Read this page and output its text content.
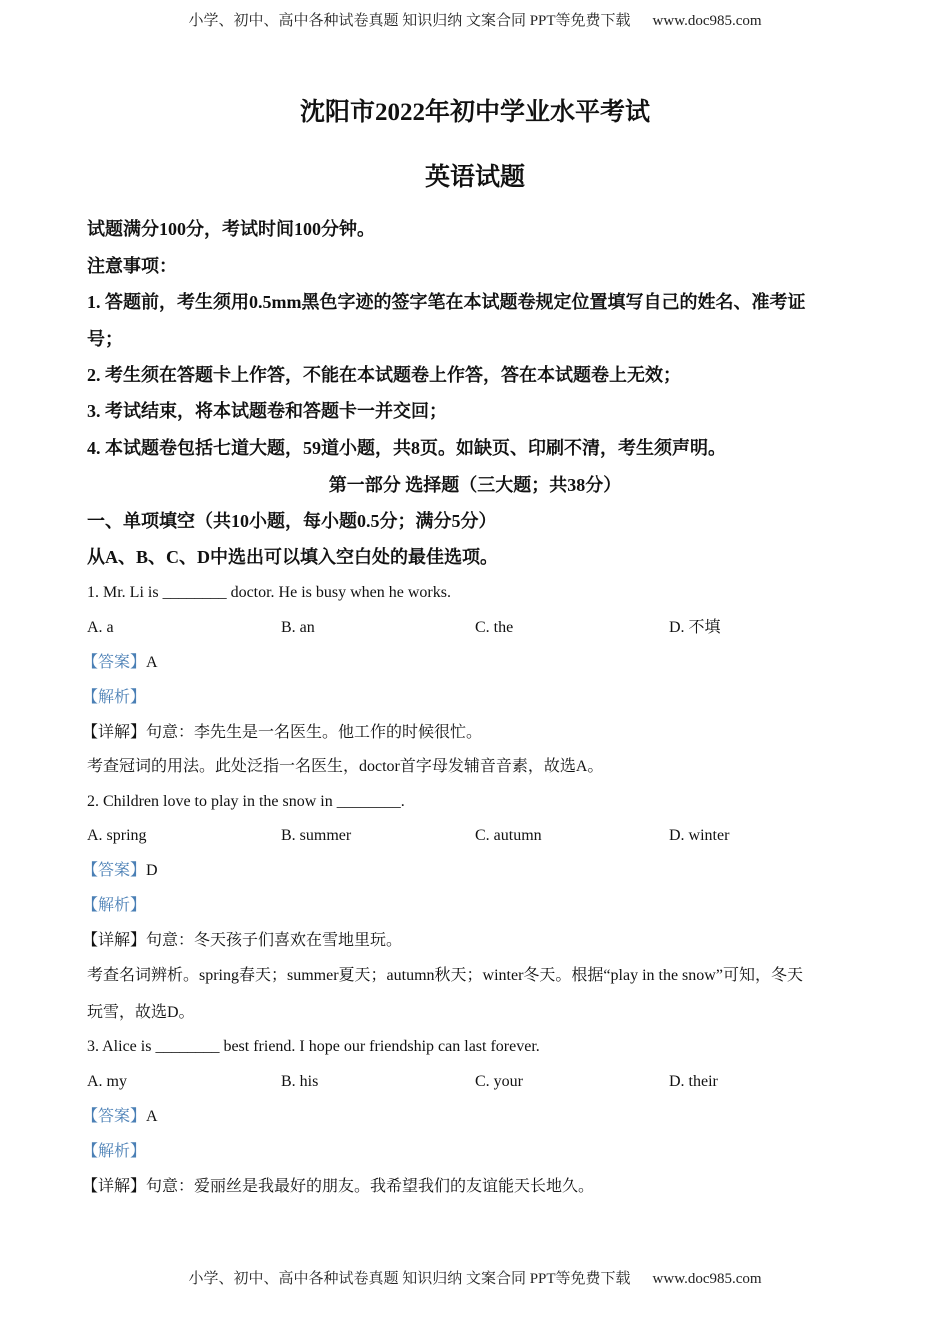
小学、初中、高中各种试卷真题 知识归纳 文案合同 PPT等免费下载 www.doc985.com
沈阳市2022年初中学业水平考试
英语试题
试题满分100分，考试时间100分钟。
注意事项：
1. 答题前，考生须用0.5mm黑色字迹的签字笔在本试题卷规定位置填写自己的姓名、准考证
号；
2. 考生须在答题卡上作答，不能在本试题卷上作答，答在本试题卷上无效；
3. 考试结束，将本试题卷和答题卡一并交回；
4. 本试题卷包括七道大题，59道小题，共8页。如缺页、印刷不清，考生须声明。
第一部分 选择题（三大题；共38分）
一、单项填空（共10小题，每小题0.5分；满分5分）
从A、B、C、D中选出可以填入空白处的最佳选项。
1. Mr. Li is ________ doctor. He is busy when he works.
A. a	B. an	C. the	D. 不填
【答案】A
【解析】
【详解】句意：李先生是一名医生。他工作的时候很忙。
考查冠词的用法。此处泛指一名医生，doctor首字母发辅音音素，故选A。
2. Children love to play in the snow in ________.
A. spring	B. summer	C. autumn	D. winter
【答案】D
【解析】
【详解】句意：冬天孩子们喜欢在雪地里玩。
考查名词辨析。spring春天；summer夏天；autumn秋天；winter冬天。根据“play in the snow”可知，冬天
玩雪，故选D。
3. Alice is ________ best friend. I hope our friendship can last forever.
A. my	B. his	C. your	D. their
【答案】A
【解析】
【详解】句意：爱丽丝是我最好的朋友。我希望我们的友谊能天长地久。
小学、初中、高中各种试卷真题 知识归纳 文案合同 PPT等免费下载 www.doc985.com
